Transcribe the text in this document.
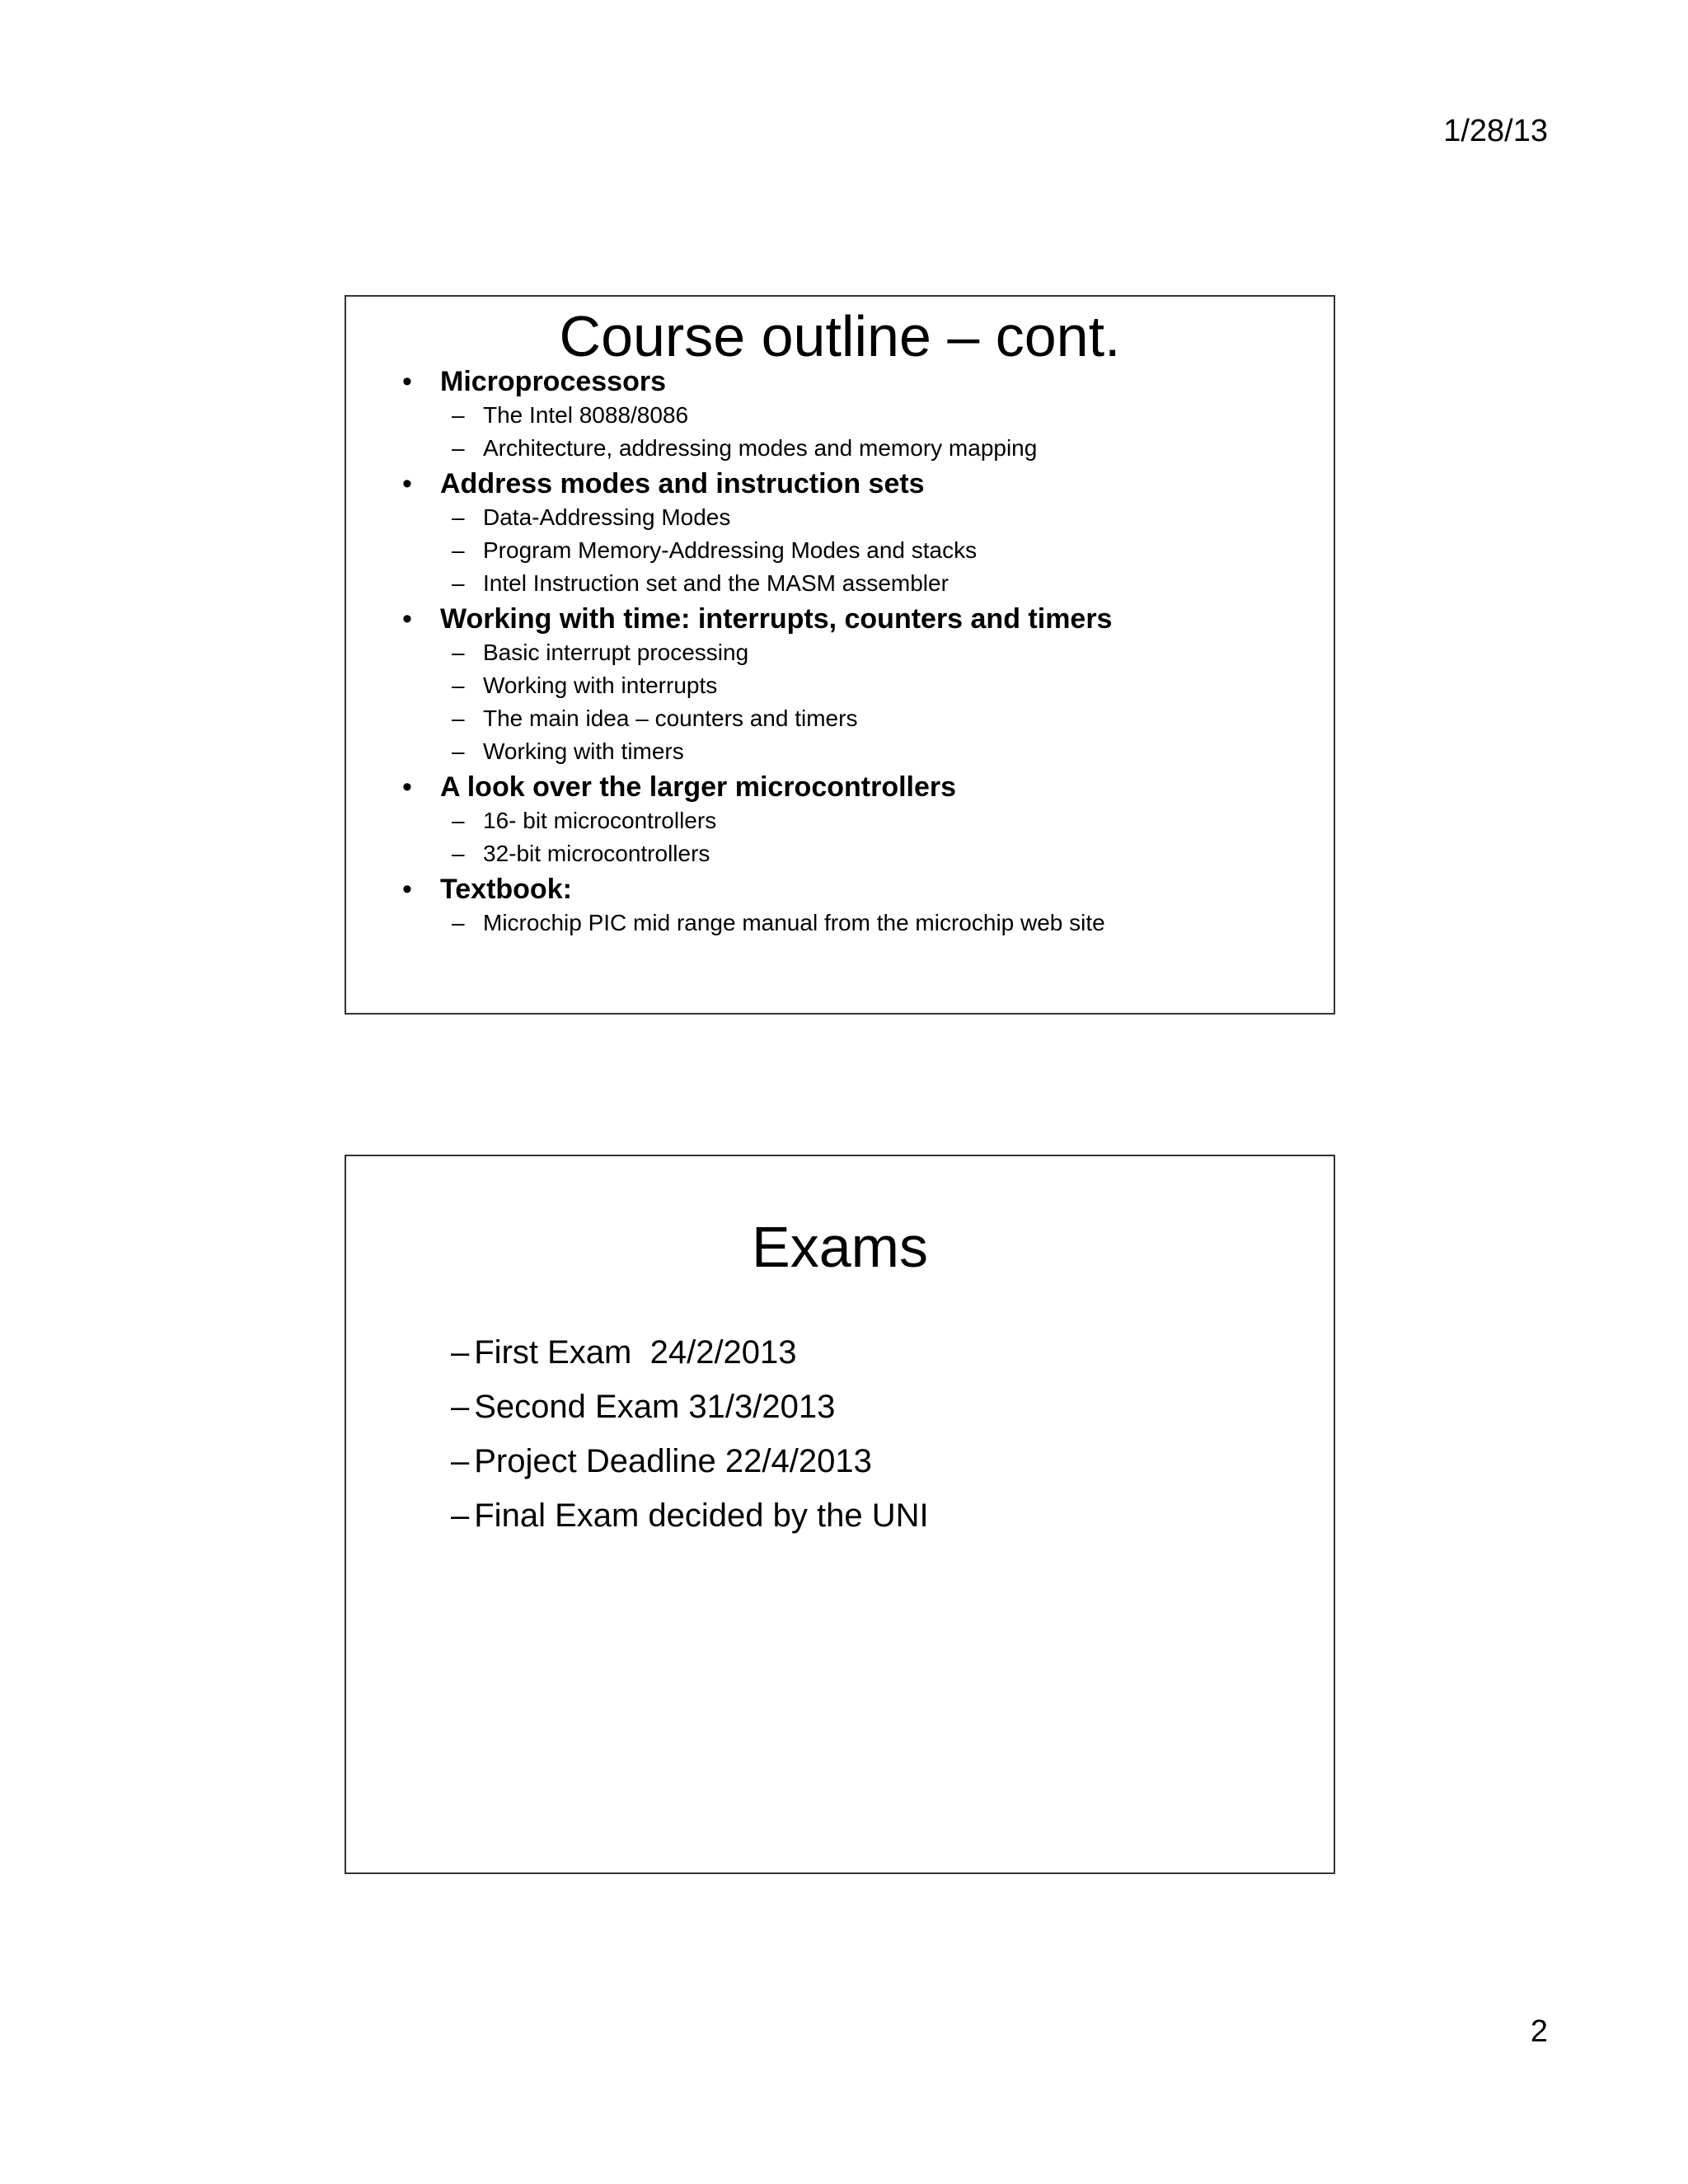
1/28/13
Course outline – cont.
• Microprocessors
– The Intel 8088/8086
– Architecture, addressing modes and memory mapping
• Address modes and instruction sets
– Data-Addressing Modes
– Program Memory-Addressing Modes and stacks
– Intel Instruction set and the MASM assembler
• Working with time: interrupts, counters and timers
– Basic interrupt processing
– Working with interrupts
– The main idea – counters and timers
– Working with timers
• A look over the larger microcontrollers
– 16- bit microcontrollers
– 32-bit microcontrollers
• Textbook:
– Microchip PIC mid range manual from the microchip web site
Exams
– First Exam  24/2/2013
– Second Exam 31/3/2013
– Project Deadline 22/4/2013
– Final Exam decided by the UNI
2
